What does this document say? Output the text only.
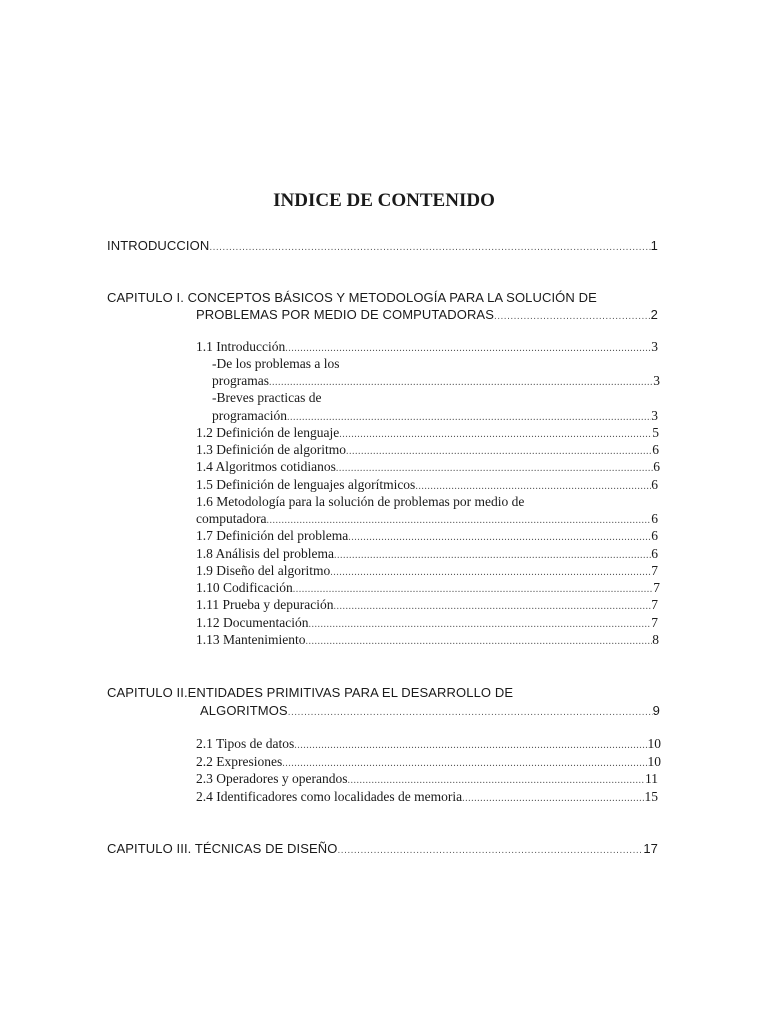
INDICE DE CONTENIDO
INTRODUCCION .....	1
CAPITULO I. CONCEPTOS BÁSICOS Y METODOLOGÍA PARA LA SOLUCIÓN DE
PROBLEMAS POR MEDIO DE COMPUTADORAS .....	2
1.1 Introducción .....	3
-De los problemas a los
programas .....	3
-Breves practicas de
programación .....	3
1.2 Definición de lenguaje .....	5
1.3 Definición de algoritmo .....	6
1.4 Algoritmos cotidianos .....	6
1.5 Definición de lenguajes algorítmicos .....	6
1.6 Metodología para la solución de problemas por medio de
computadora .....	6
1.7 Definición del problema .....	6
1.8 Análisis del problema .....	6
1.9 Diseño del algoritmo .....	7
1.10 Codificación .....	7
1.11 Prueba y depuración .....	7
1.12 Documentación .....	7
1.13 Mantenimiento .....	8
CAPITULO II.ENTIDADES PRIMITIVAS PARA EL DESARROLLO DE
ALGORITMOS .....	9
2.1 Tipos de datos .....	10
2.2 Expresiones .....	10
2.3 Operadores y operandos .....	11
2.4 Identificadores como localidades de memoria .....	15
CAPITULO III. TÉCNICAS DE DISEÑO .....	17
